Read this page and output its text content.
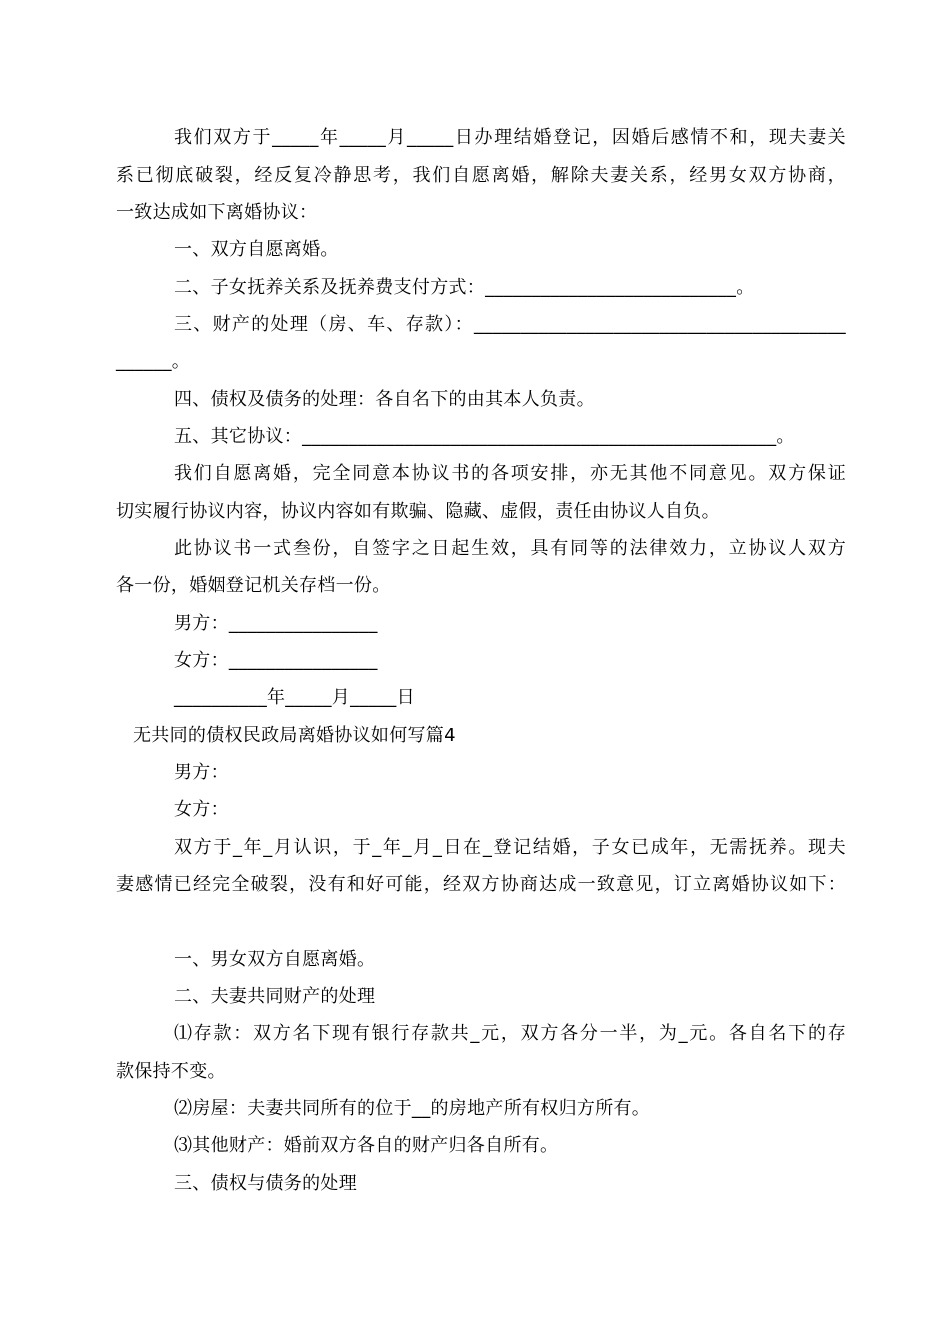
我们双方于_____年_____月_____日办理结婚登记，因婚后感情不和，现夫妻关
系已彻底破裂，经反复冷静思考，我们自愿离婚，解除夫妻关系，经男女双方协商，
一致达成如下离婚协议：
一、双方自愿离婚。
二、子女抚养关系及抚养费支付方式：___________________________。
三、财产的处理（房、车、存款）：________________________________________
______。
四、债权及债务的处理：各自名下的由其本人负责。
五、其它协议：___________________________________________________。
我们自愿离婚，完全同意本协议书的各项安排，亦无其他不同意见。双方保证
切实履行协议内容，协议内容如有欺骗、隐藏、虚假，责任由协议人自负。
此协议书一式叁份，自签字之日起生效，具有同等的法律效力，立协议人双方
各一份，婚姻登记机关存档一份。
男方：________________
女方：________________
__________年_____月_____日
无共同的债权民政局离婚协议如何写篇4
男方：
女方：
双方于_年_月认识，于_年_月_日在_登记结婚，子女已成年，无需抚养。现夫
妻感情已经完全破裂，没有和好可能，经双方协商达成一致意见，订立离婚协议如下：
一、男女双方自愿离婚。
二、夫妻共同财产的处理
⑴存款：双方名下现有银行存款共_元，双方各分一半，为_元。各自名下的存
款保持不变。
⑵房屋：夫妻共同所有的位于__的房地产所有权归方所有。
⑶其他财产：婚前双方各自的财产归各自所有。
三、债权与债务的处理
